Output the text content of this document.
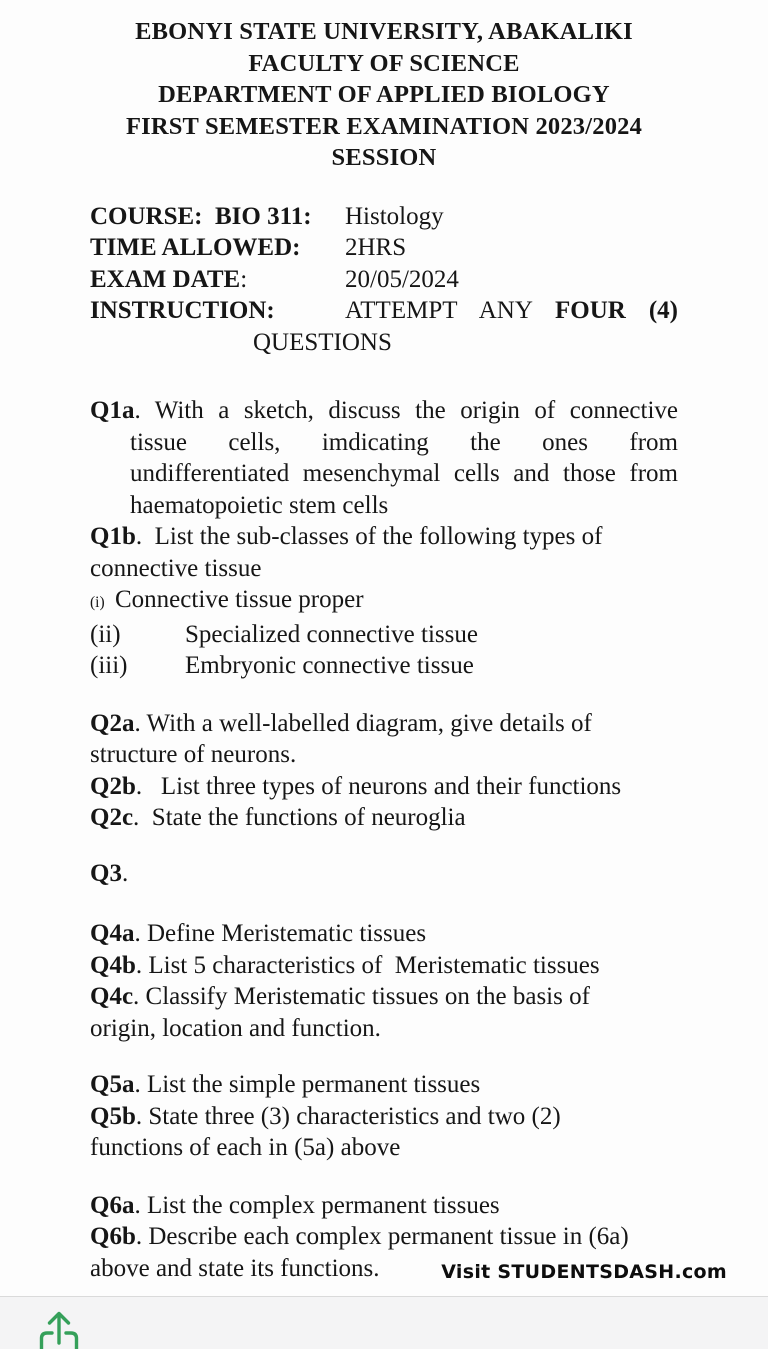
EBONYI STATE UNIVERSITY, ABAKALIKI
FACULTY OF SCIENCE
DEPARTMENT OF APPLIED BIOLOGY
FIRST SEMESTER EXAMINATION 2023/2024
SESSION
COURSE:  BIO 311:	Histology
TIME ALLOWED:	2HRS
EXAM DATE:	20/05/2024
INSTRUCTION:	ATTEMPT ANY FOUR (4)
QUESTIONS
Q1a. With a sketch, discuss the origin of connective
tissue cells, imdicating the ones from
undifferentiated mesenchymal cells and those from
haematopoietic stem cells
Q1b.  List the sub-classes of the following types of
connective tissue
(i) Connective tissue proper
(ii)	Specialized connective tissue
(iii)	Embryonic connective tissue
Q2a. With a well-labelled diagram, give details of
structure of neurons.
Q2b.   List three types of neurons and their functions
Q2c.  State the functions of neuroglia
Q3.
Q4a. Define Meristematic tissues
Q4b. List 5 characteristics of  Meristematic tissues
Q4c. Classify Meristematic tissues on the basis of
origin, location and function.
Q5a. List the simple permanent tissues
Q5b. State three (3) characteristics and two (2)
functions of each in (5a) above
Q6a. List the complex permanent tissues
Q6b. Describe each complex permanent tissue in (6a)
above and state its functions.	Visit STUDENTSDASH.com
